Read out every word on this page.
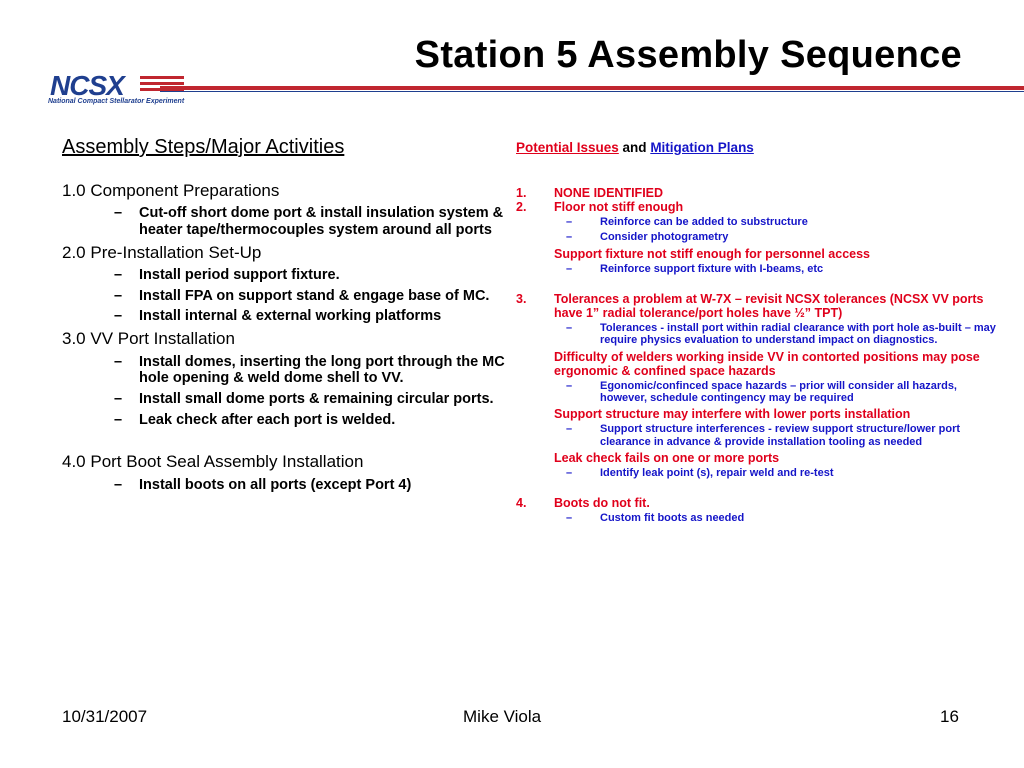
Station 5 Assembly Sequence
NCSX
National Compact Stellarator Experiment
Assembly Steps/Major Activities
1.0 Component Preparations
– Cut-off short dome port & install insulation system & heater tape/thermocouples system around all ports
2.0 Pre-Installation Set-Up
– Install period support fixture.
– Install FPA on support stand & engage base of MC.
– Install internal & external working platforms
3.0 VV Port Installation
– Install domes, inserting the long port through the MC hole opening & weld dome shell to VV.
– Install small dome ports & remaining circular ports.
– Leak check after each port is welded.
4.0 Port Boot Seal Assembly Installation
– Install boots on all ports (except Port 4)
Potential Issues and Mitigation Plans
1. NONE IDENTIFIED
2. Floor not stiff enough
–	Reinforce can be added to substructure
–	Consider photogrametry
Support fixture not stiff enough for personnel access
–	Reinforce support fixture with I-beams, etc
3. Tolerances a problem at W-7X – revisit NCSX tolerances (NCSX VV ports have 1” radial tolerance/port holes have ½” TPT)
–	Tolerances - install port within radial clearance with port hole as-built – may require physics evaluation to understand impact on diagnostics.
Difficulty of welders working inside VV in contorted positions may pose ergonomic & confined space hazards
–	Egonomic/confinced space hazards – prior will consider all hazards, however, schedule contingency may be required
Support structure may interfere with lower ports installation
–	Support structure interferences - review support structure/lower port clearance in advance & provide installation tooling as needed
Leak check fails on one or more ports
–	Identify leak point (s), repair weld and re-test
4. Boots do not fit.
–	Custom fit boots as needed
10/31/2007	Mike Viola	16
